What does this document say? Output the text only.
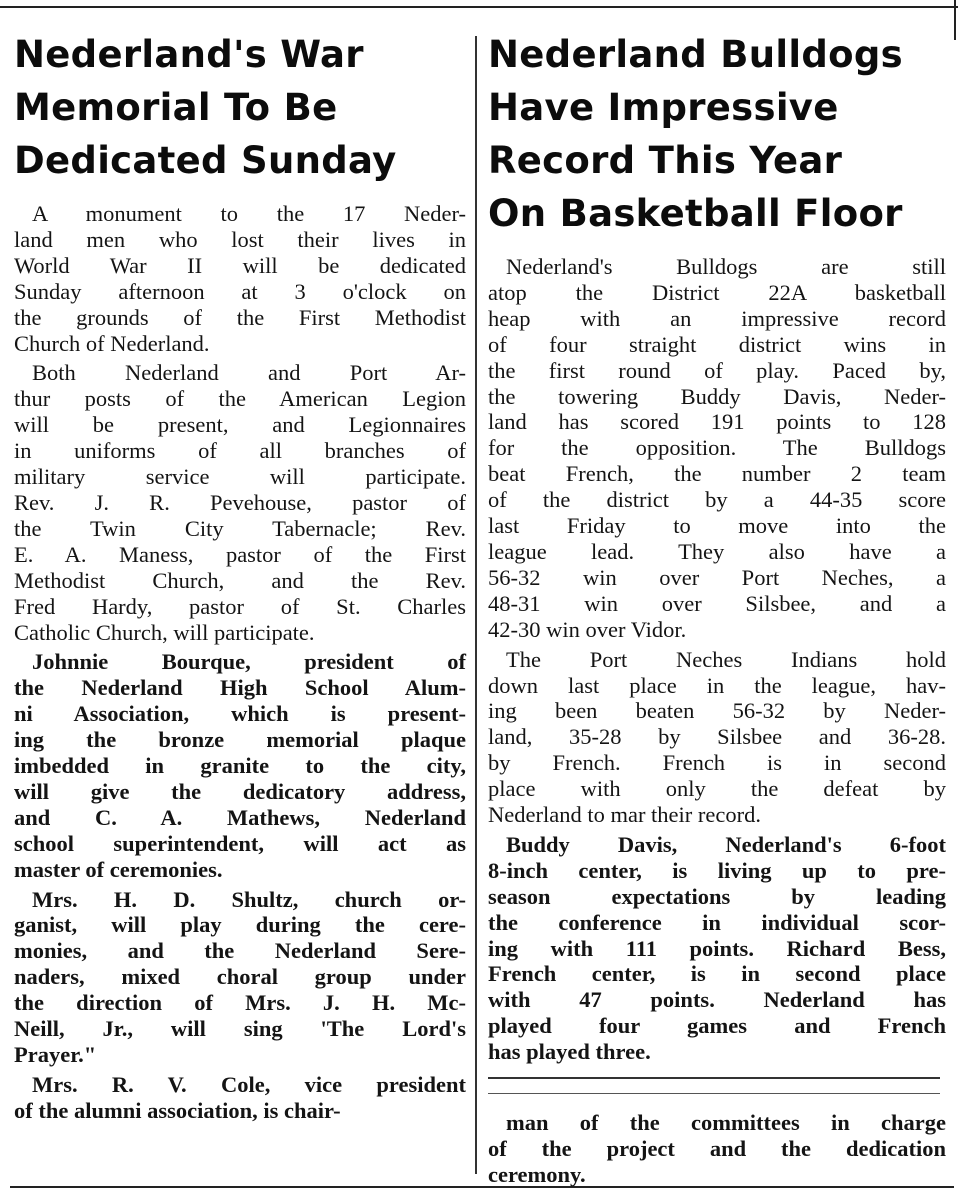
Nederland's War
Memorial To Be
Dedicated Sunday
A monument to the 17 Neder-
land men who lost their lives in
World War II will be dedicated
Sunday afternoon at 3 o'clock on
the grounds of the First Methodist
Church of Nederland.
Both Nederland and Port Ar-
thur posts of the American Legion
will be present, and Legionnaires
in uniforms of all branches of
military service will participate.
Rev. J. R. Pevehouse, pastor of
the Twin City Tabernacle; Rev.
E. A. Maness, pastor of the First
Methodist Church, and the Rev.
Fred Hardy, pastor of St. Charles
Catholic Church, will participate.
Johnnie Bourque, president of
the Nederland High School Alum-
ni Association, which is present-
ing the bronze memorial plaque
imbedded in granite to the city,
will give the dedicatory address,
and C. A. Mathews, Nederland
school superintendent, will act as
master of ceremonies.
Mrs. H. D. Shultz, church or-
ganist, will play during the cere-
monies, and the Nederland Sere-
naders, mixed choral group under
the direction of Mrs. J. H. Mc-
Neill, Jr., will sing 'The Lord's
Prayer."
Mrs. R. V. Cole, vice president
of the alumni association, is chair-
Nederland Bulldogs
Have Impressive
Record This Year
On Basketball Floor
Nederland's Bulldogs are still
atop the District 22A basketball
heap with an impressive record
of four straight district wins in
the first round of play. Paced by,
the towering Buddy Davis, Neder-
land has scored 191 points to 128
for the opposition. The Bulldogs
beat French, the number 2 team
of the district by a 44-35 score
last Friday to move into the
league lead. They also have a
56-32 win over Port Neches, a
48-31 win over Silsbee, and a
42-30 win over Vidor.
The Port Neches Indians hold
down last place in the league, hav-
ing been beaten 56-32 by Neder-
land, 35-28 by Silsbee and 36-28.
by French. French is in second
place with only the defeat by
Nederland to mar their record.
Buddy Davis, Nederland's 6-foot
8-inch center, is living up to pre-
season expectations by leading
the conference in individual scor-
ing with 111 points. Richard Bess,
French center, is in second place
with 47 points. Nederland has
played four games and French
has played three.
man of the committees in charge
of the project and the dedication
ceremony.
